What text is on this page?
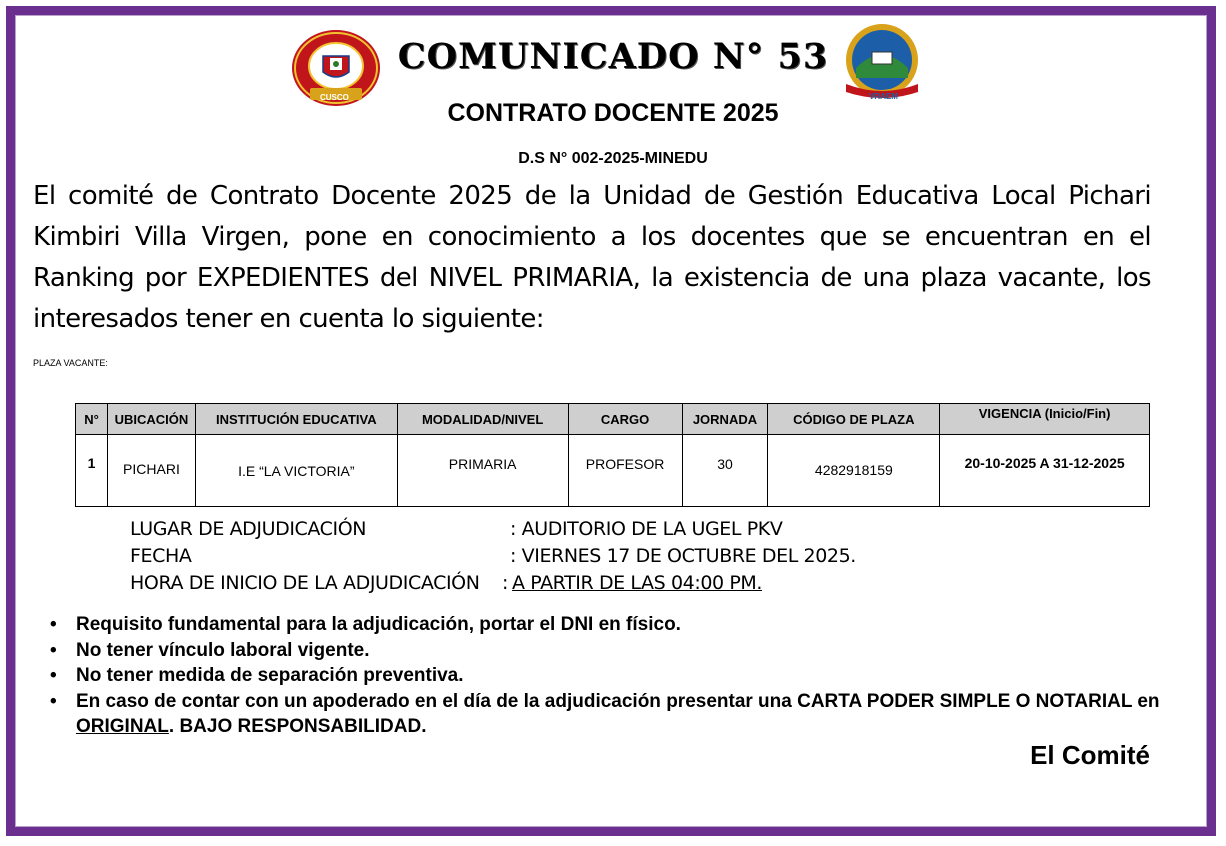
CUSCO	VRAEM
COMUNICADO N° 53
CONTRATO DOCENTE 2025
D.S N° 002-2025-MINEDU
El comité de Contrato Docente 2025 de la Unidad de Gestión Educativa Local Pichari Kimbiri Villa Virgen, pone en conocimiento a los docentes que se encuentran en el Ranking por EXPEDIENTES del NIVEL PRIMARIA, la existencia de una plaza vacante, los interesados tener en cuenta lo siguiente:
PLAZA VACANTE:
N°	UBICACIÓN	INSTITUCIÓN EDUCATIVA	MODALIDAD/NIVEL	CARGO	JORNADA	CÓDIGO DE PLAZA	VIGENCIA (Inicio/Fin)
1	PICHARI	I.E “LA VICTORIA”	PRIMARIA	PROFESOR	30	4282918159	20-10-2025 A 31-12-2025
LUGAR DE ADJUDICACIÓN	: AUDITORIO DE LA UGEL PKV
FECHA	: VIERNES 17 DE OCTUBRE DEL 2025.
HORA DE INICIO DE LA ADJUDICACIÓN : A PARTIR DE LAS 04:00 PM.
• Requisito fundamental para la adjudicación, portar el DNI en físico.
• No tener vínculo laboral vigente.
• No tener medida de separación preventiva.
• En caso de contar con un apoderado en el día de la adjudicación presentar una CARTA PODER SIMPLE O NOTARIAL en ORIGINAL. BAJO RESPONSABILIDAD.
El Comité
